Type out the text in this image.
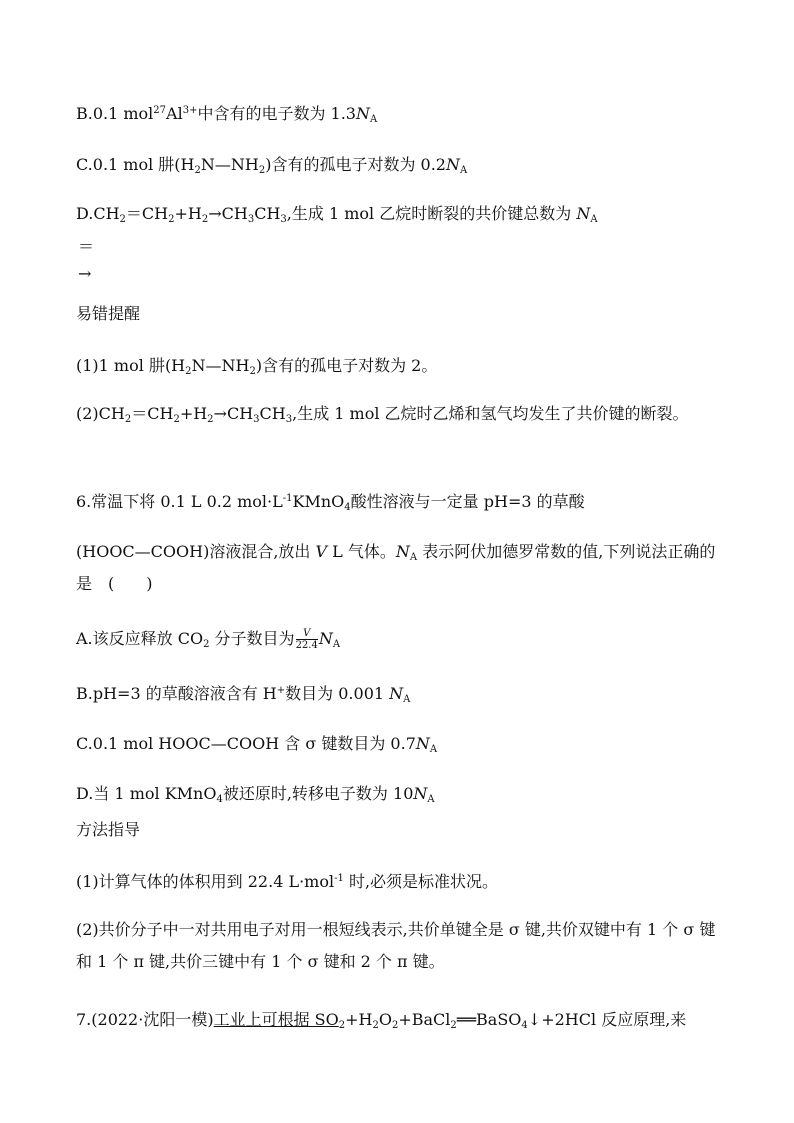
B.0.1 $mol^{27}Al^{3+}$中含有的电子数为 $1.3N_A$
C.0.1 mol 肼$(H_2N—NH_2)$含有的孤电子对数为 $0.2N_A$
$D.CH_2=CH_2+H_2\to CH_3CH_3$,生成 1 mol 乙烷时断裂的共价键总数为 $N_A$
＝
→
易错提醒
(1)1 mol 肼$(H_2N—NH_2)$含有的孤电子对数为 2。
$(2)CH_2=CH_2+H_2\to CH_3CH_3$,生成 1 mol 乙烷时乙烯和氢气均发生了共价键的断裂。
6.常温下将 0.1 L 0.2 $mol\cdot L^{-1}KMnO_4$酸性溶液与一定量 pH=3 的草酸
(HOOC—COOH)溶液混合,放出 V L 气体。$N_A$ 表示阿伏加德罗常数的值,下列说法正确的是　(　　)
A.该反应释放 $CO_2$ 分子数目为 $\frac{V}{22.4} N_A$
B.pH=3 的草酸溶液含有 H+数目为 0.001 $N_A$
C.0.1 mol HOOC—COOH 含 σ 键数目为 $0.7N_A$
D.当 1 mol KMnO$_4$被还原时,转移电子数为 $10N_A$
方法指导
(1)计算气体的体积用到 22.4 L·mol$^{-1}$ 时,必须是标准状况。
(2)共价分子中一对共用电子对用一根短线表示,共价单键全是 σ 键,共价双键中有 1 个 σ 键和 1 个 π 键,共价三键中有 1 个 σ 键和 2 个 π 键。
7.(2022·沈阳一模)工业上可根据 $SO_2+H_2O_2+BaCl_2══BaSO_4↓+2HCl$ 反应原理,来
